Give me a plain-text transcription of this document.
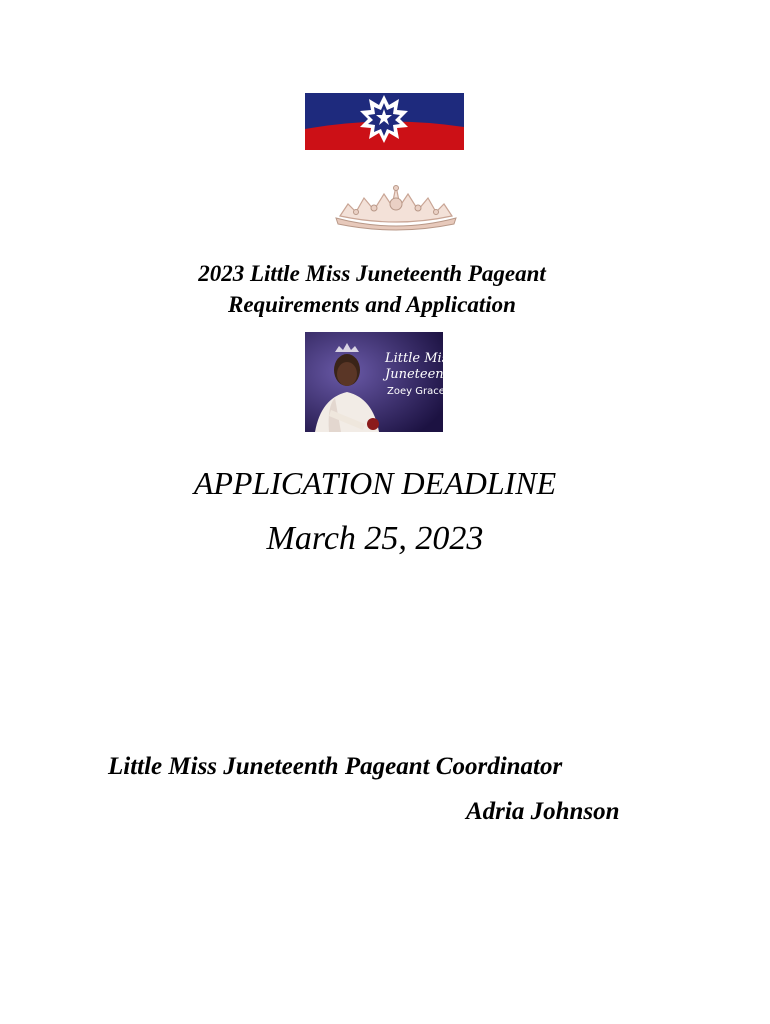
2023 Little Miss Juneteenth Pageant
Requirements and Application
Little Miss
Juneteenth
Zoey Grace
APPLICATION DEADLINE
March 25, 2023
Little Miss Juneteenth Pageant Coordinator
Adria Johnson
